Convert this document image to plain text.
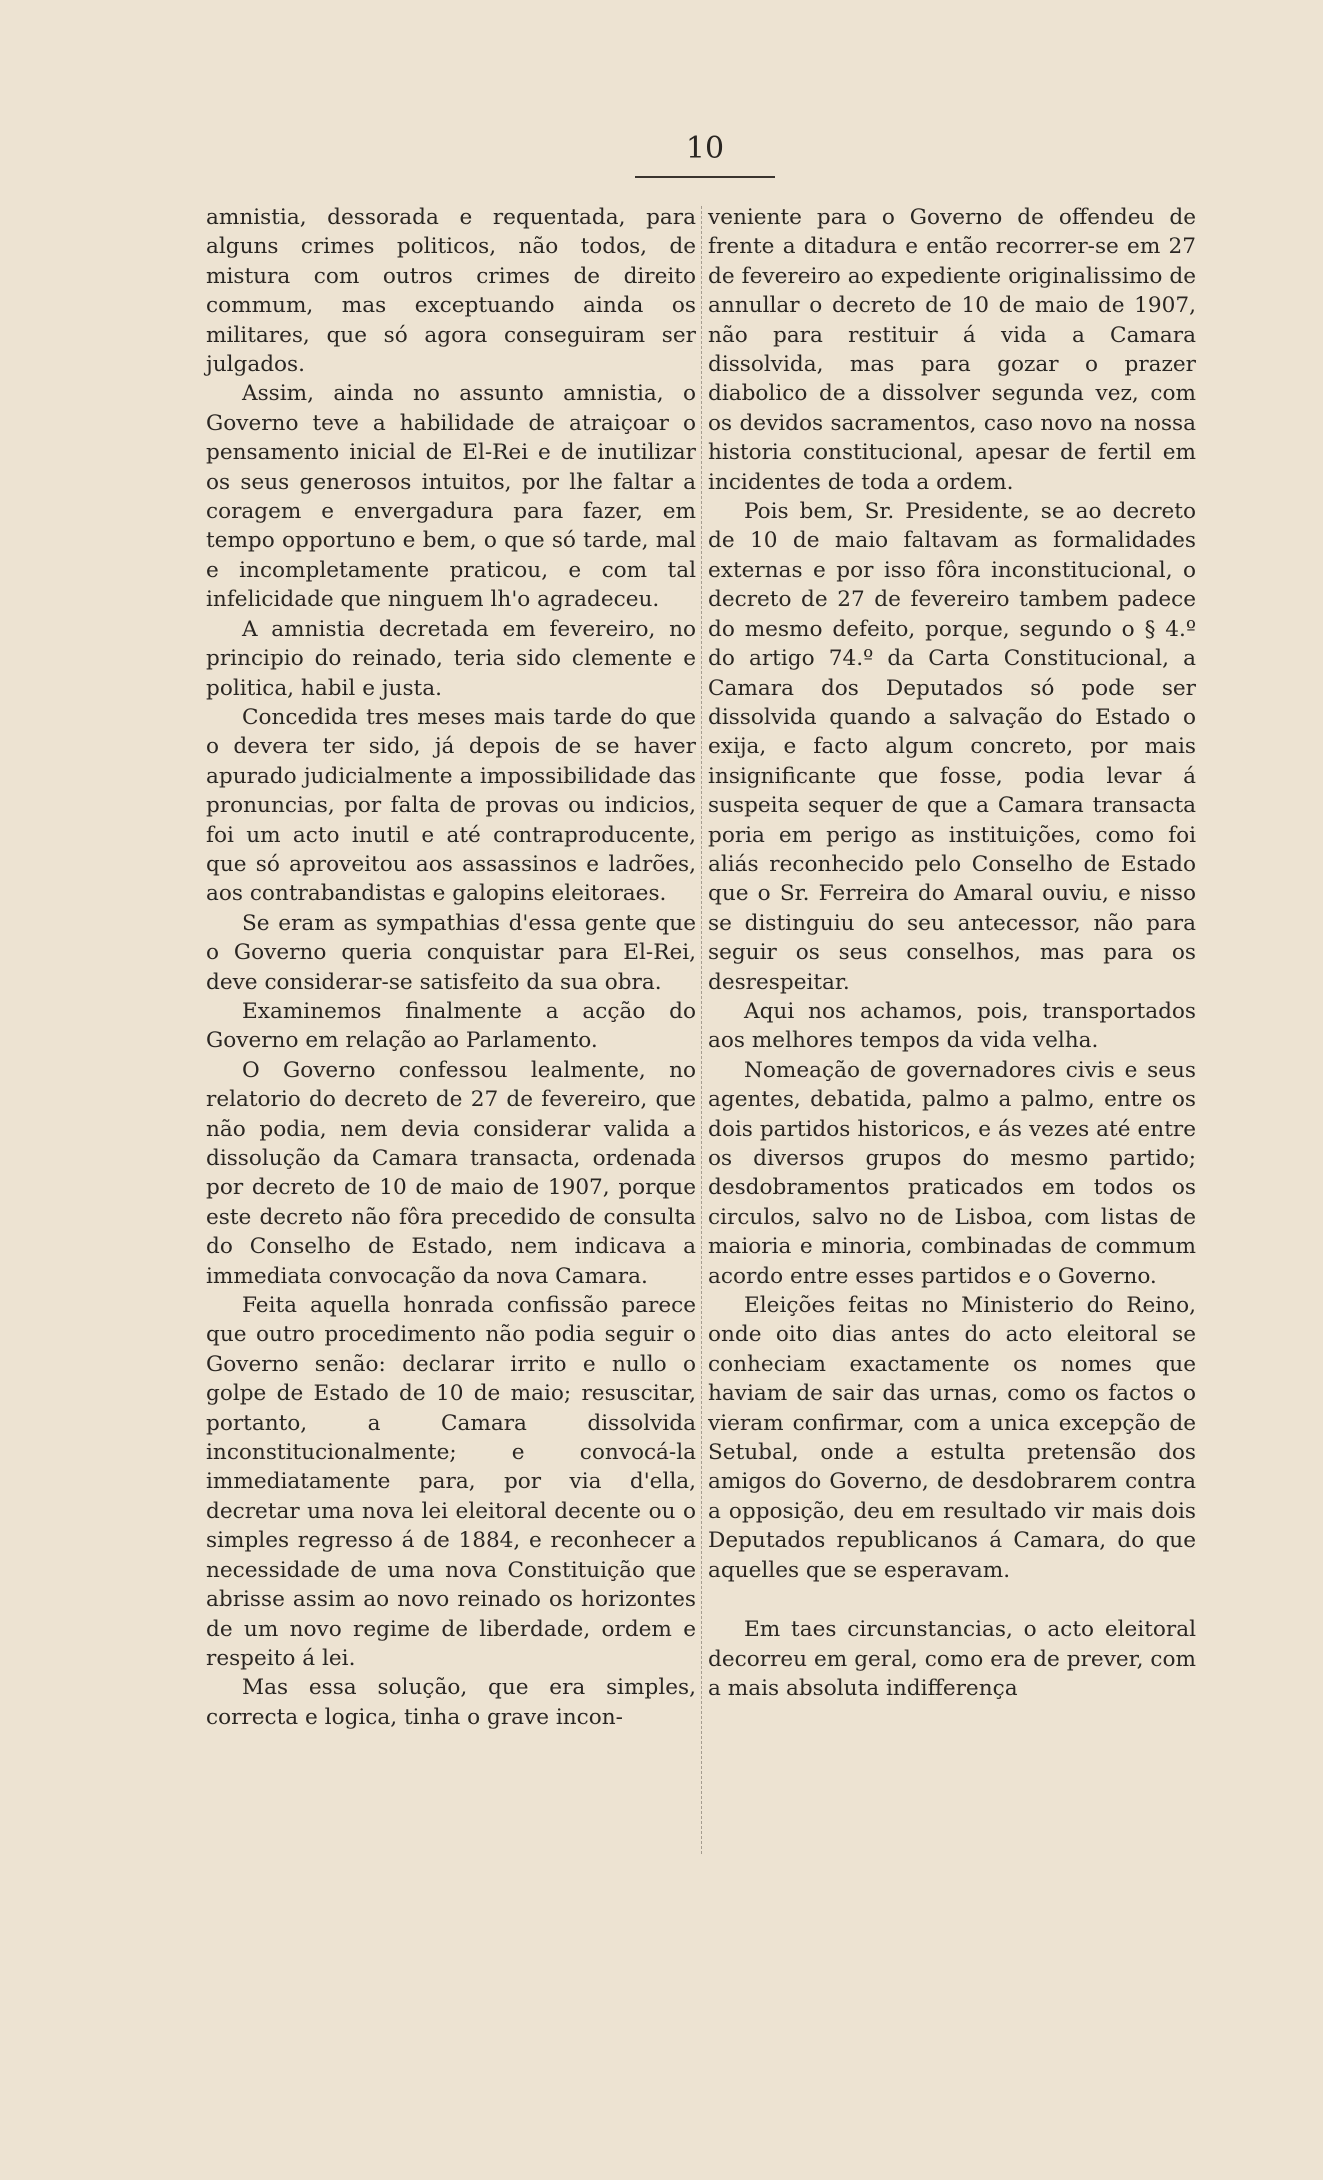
10

amnistia, dessorada e requentada, para alguns crimes politicos, não todos, de mistura com outros crimes de direito commum, mas exceptuando ainda os militares, que só agora conseguiram ser julgados.

Assim, ainda no assunto amnistia, o Governo teve a habilidade de atraiçoar o pensamento inicial de El-Rei e de inutilizar os seus generosos intuitos, por lhe faltar a coragem e envergadura para fazer, em tempo opportuno e bem, o que só tarde, mal e incompletamente praticou, e com tal infelicidade que ninguem lh'o agradeceu.

A amnistia decretada em fevereiro, no principio do reinado, teria sido clemente e politica, habil e justa.

Concedida tres meses mais tarde do que o devera ter sido, já depois de se haver apurado judicialmente a impossibilidade das pronuncias, por falta de provas ou indicios, foi um acto inutil e até contraproducente, que só aproveitou aos assassinos e ladrões, aos contrabandistas e galopins eleitoraes.

Se eram as sympathias d'essa gente que o Governo queria conquistar para El-Rei, deve considerar-se satisfeito da sua obra.

Examinemos finalmente a acção do Governo em relação ao Parlamento.

O Governo confessou lealmente, no relatorio do decreto de 27 de fevereiro, que não podia, nem devia considerar valida a dissolução da Camara transacta, ordenada por decreto de 10 de maio de 1907, porque este decreto não fôra precedido de consulta do Conselho de Estado, nem indicava a immediata convocação da nova Camara.

Feita aquella honrada confissão parece que outro procedimento não podia seguir o Governo senão: declarar irrito e nullo o golpe de Estado de 10 de maio; resuscitar, portanto, a Camara dissolvida inconstitucionalmente; e convocá-la immediatamente para, por via d'ella, decretar uma nova lei eleitoral decente ou o simples regresso á de 1884, e reconhecer a necessidade de uma nova Constituição que abrisse assim ao novo reinado os horizontes de um novo regime de liberdade, ordem e respeito á lei.

Mas essa solução, que era simples, correcta e logica, tinha o grave incon-

veniente para o Governo de offendeu de frente a ditadura e então recorrer-se em 27 de fevereiro ao expediente originalissimo de annullar o decreto de 10 de maio de 1907, não para restituir á vida a Camara dissolvida, mas para gozar o prazer diabolico de a dissolver segunda vez, com os devidos sacramentos, caso novo na nossa historia constitucional, apesar de fertil em incidentes de toda a ordem.

Pois bem, Sr. Presidente, se ao decreto de 10 de maio faltavam as formalidades externas e por isso fôra inconstitucional, o decreto de 27 de fevereiro tambem padece do mesmo defeito, porque, segundo o § 4.º do artigo 74.º da Carta Constitucional, a Camara dos Deputados só pode ser dissolvida quando a salvação do Estado o exija, e facto algum concreto, por mais insignificante que fosse, podia levar á suspeita sequer de que a Camara transacta poria em perigo as instituições, como foi aliás reconhecido pelo Conselho de Estado que o Sr. Ferreira do Amaral ouviu, e nisso se distinguiu do seu antecessor, não para seguir os seus conselhos, mas para os desrespeitar.

Aqui nos achamos, pois, transportados aos melhores tempos da vida velha.

Nomeação de governadores civis e seus agentes, debatida, palmo a palmo, entre os dois partidos historicos, e ás vezes até entre os diversos grupos do mesmo partido; desdobramentos praticados em todos os circulos, salvo no de Lisboa, com listas de maioria e minoria, combinadas de commum acordo entre esses partidos e o Governo.

Eleições feitas no Ministerio do Reino, onde oito dias antes do acto eleitoral se conheciam exactamente os nomes que haviam de sair das urnas, como os factos o vieram confirmar, com a unica excepção de Setubal, onde a estulta pretensão dos amigos do Governo, de desdobrarem contra a opposição, deu em resultado vir mais dois Deputados republicanos á Camara, do que aquelles que se esperavam.

Em taes circunstancias, o acto eleitoral decorreu em geral, como era de prever, com a mais absoluta indifferença
